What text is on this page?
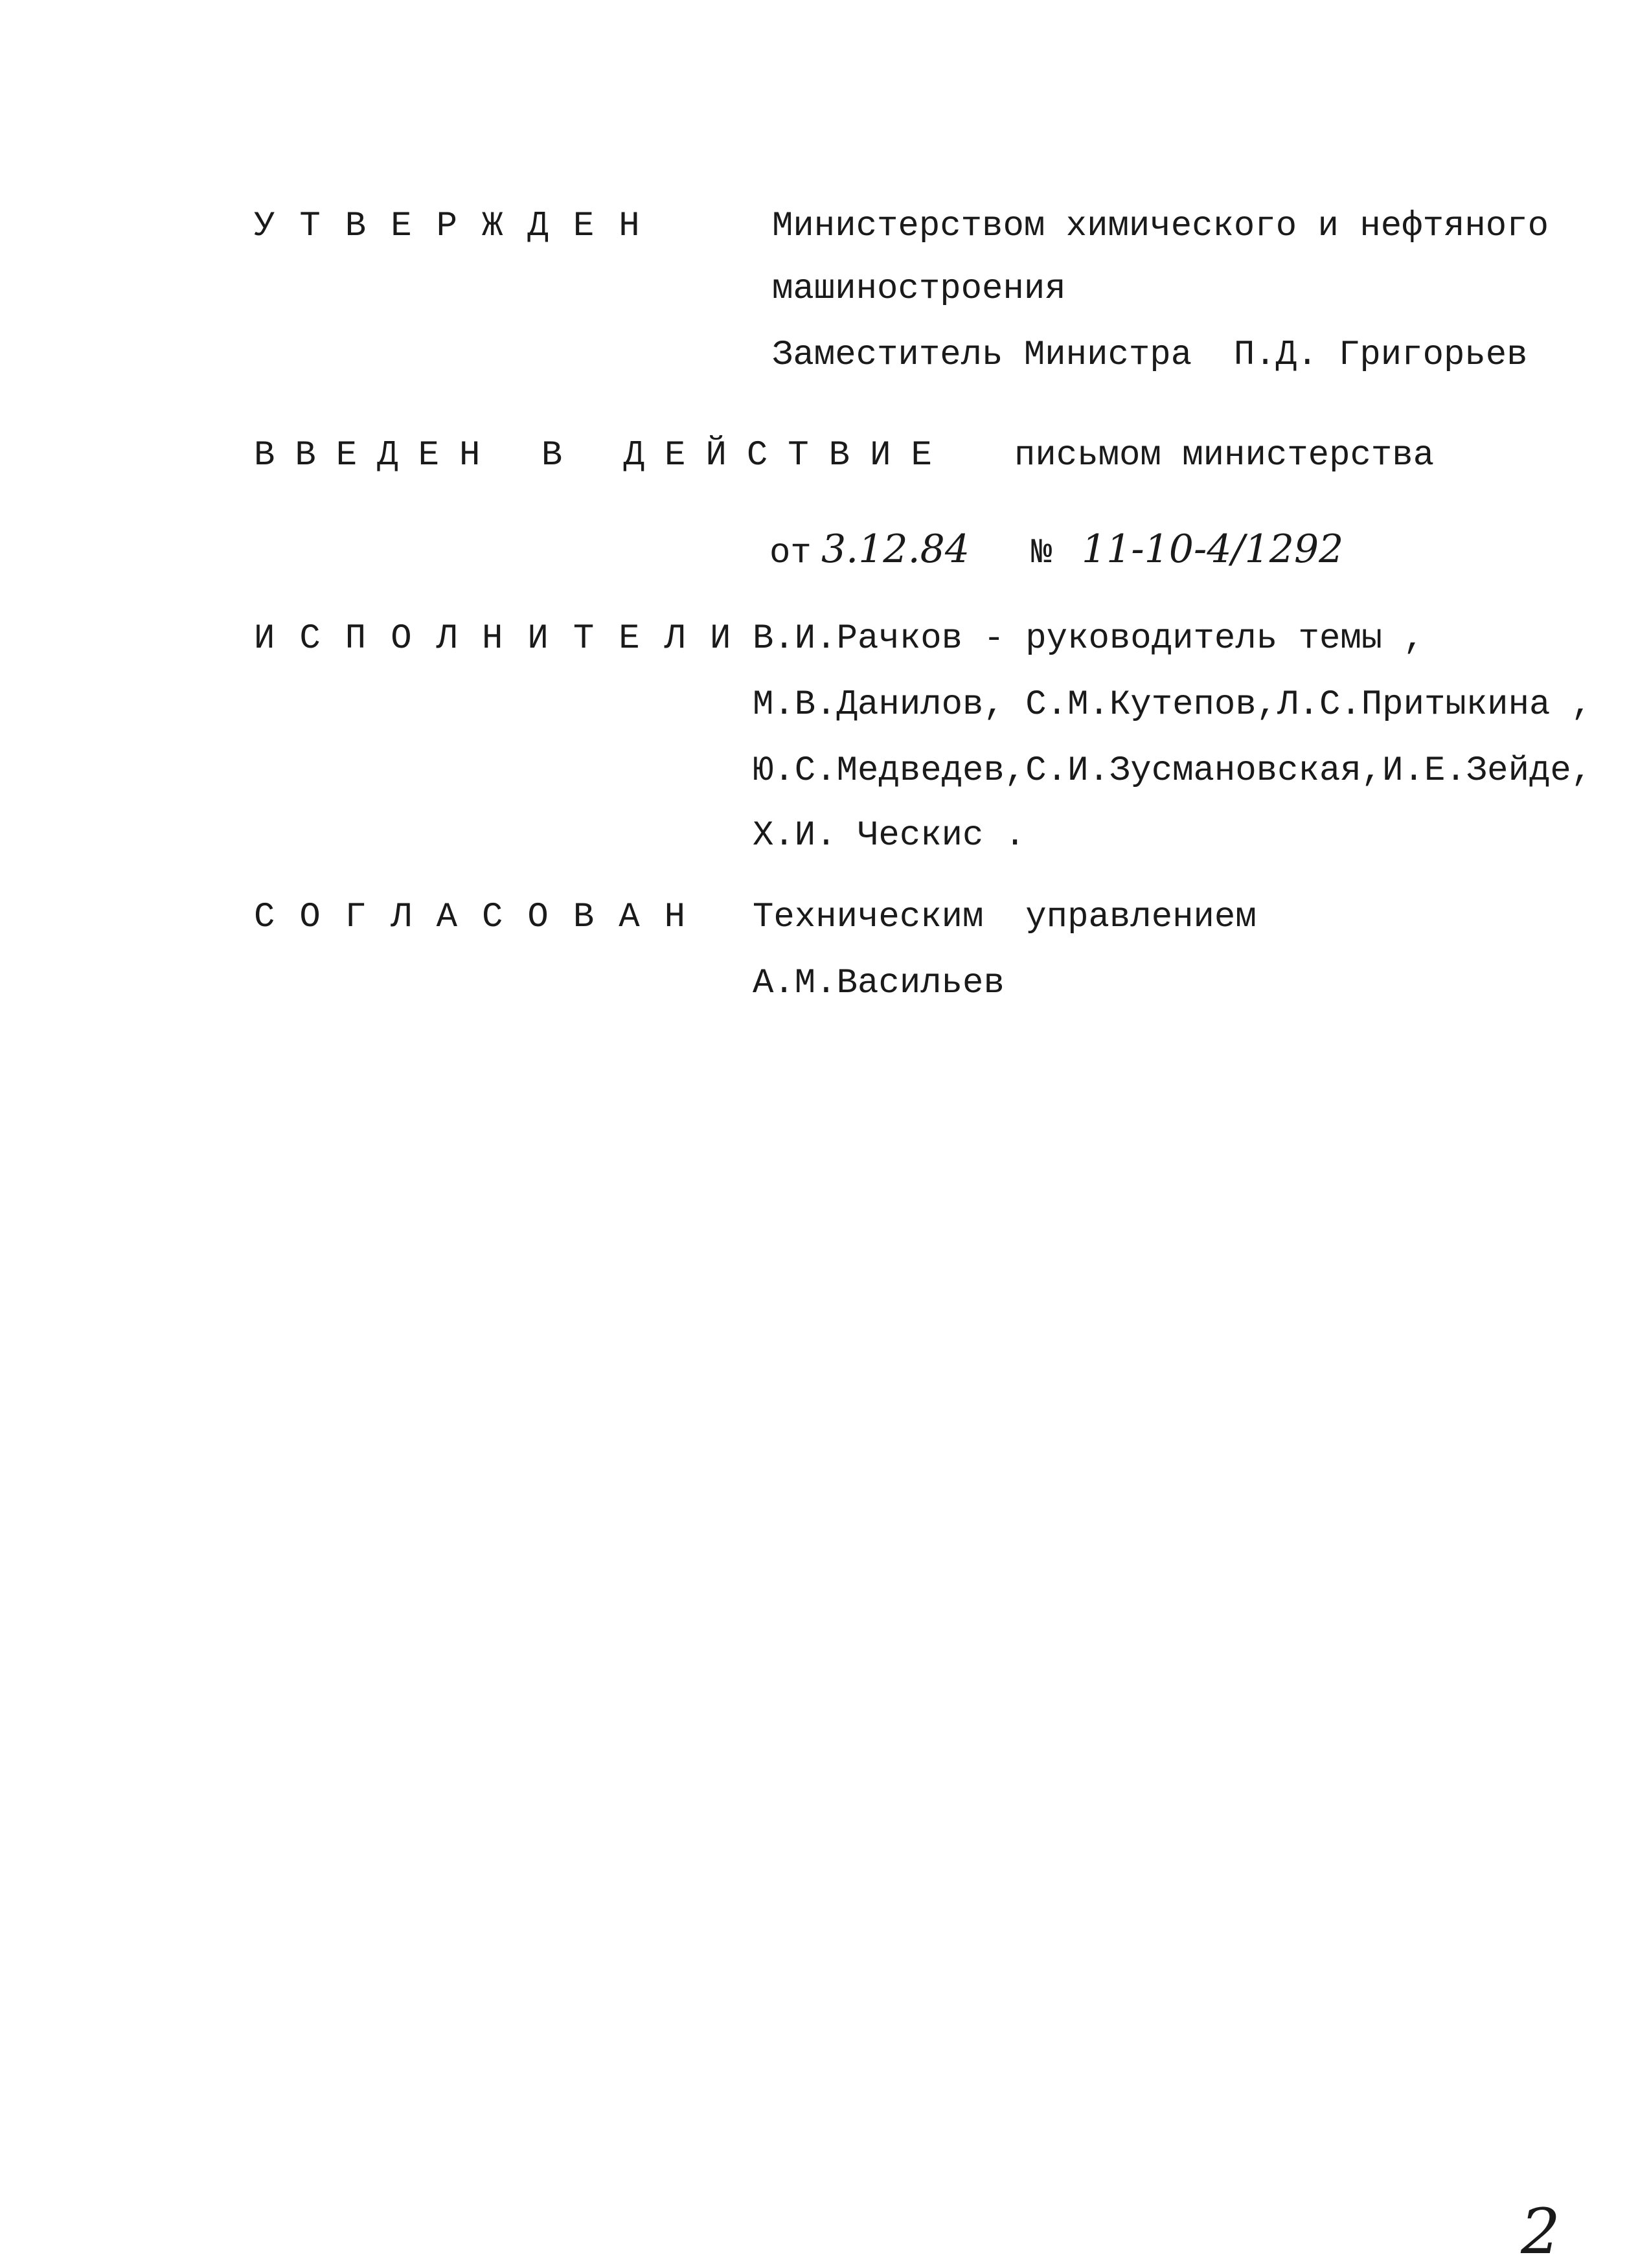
УТВЕРЖДЕН	Министерством химического и нефтяного
машиностроения
Заместитель Министра  П.Д. Григорьев
ВВЕДЕН В ДЕЙСТВИЕ письмом министерства
от 3.12.84 № 11-10-4/1292
ИСПОЛНИТЕЛИ
В.И.Рачков - руководитель темы ,
М.В.Данилов, С.М.Кутепов,Л.С.Притыкина ,
Ю.С.Медведев,С.И.Зусмановская,И.Е.Зейде,
Х.И. Ческис .
СОГЛАСОВАН Техническим  управлением
А.М.Васильев
2
